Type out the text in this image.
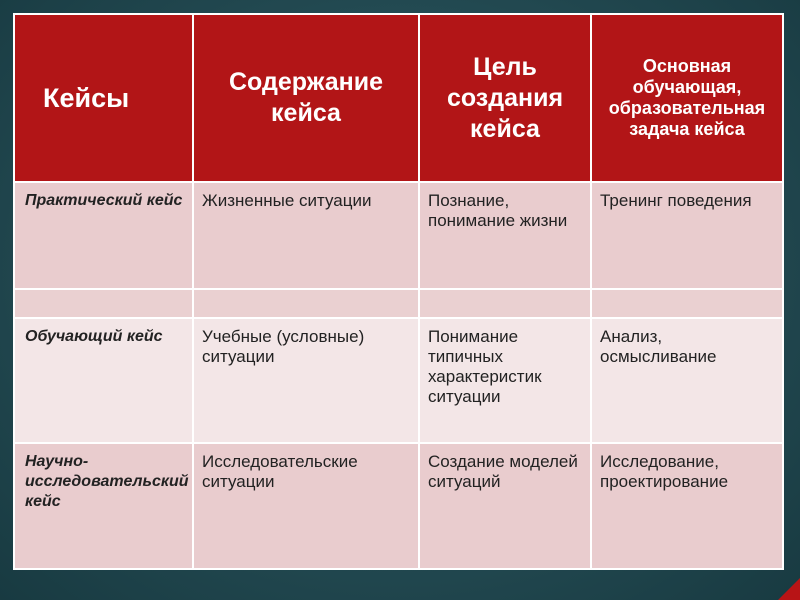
Кейсы	Содержание кейса	Цель создания кейса	Основная обучающая, образовательная задача кейса
Практический кейс	Жизненные ситуации	Познание, понимание жизни	Тренинг поведения

Обучающий кейс	Учебные (условные) ситуации	Понимание типичных характеристик ситуации	Анализ, осмысливание
Научно-исследовательский кейс	Исследовательские ситуации	Создание моделей ситуаций	Исследование, проектирование
